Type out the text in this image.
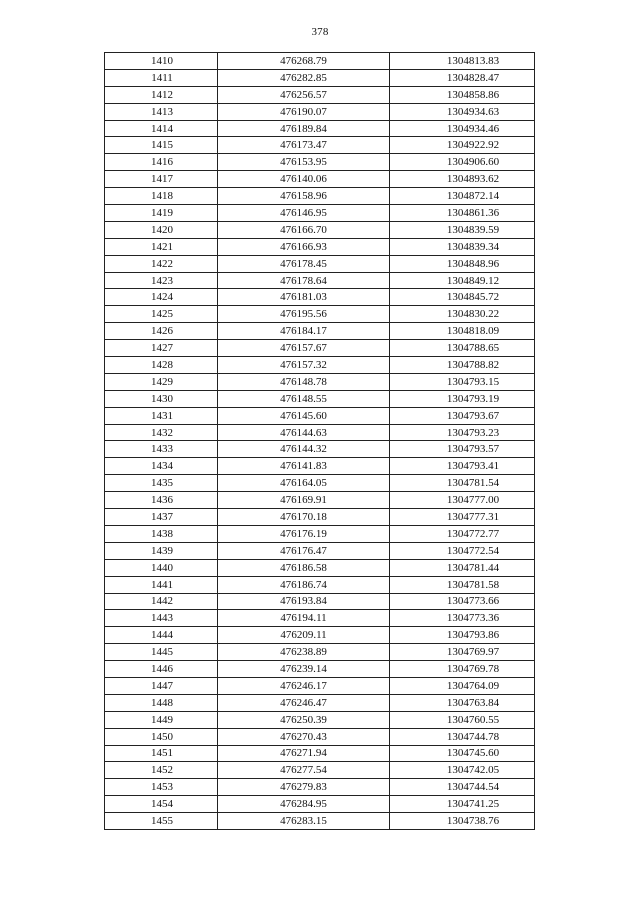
378
1410	476268.79	1304813.83
1411	476282.85	1304828.47
1412	476256.57	1304858.86
1413	476190.07	1304934.63
1414	476189.84	1304934.46
1415	476173.47	1304922.92
1416	476153.95	1304906.60
1417	476140.06	1304893.62
1418	476158.96	1304872.14
1419	476146.95	1304861.36
1420	476166.70	1304839.59
1421	476166.93	1304839.34
1422	476178.45	1304848.96
1423	476178.64	1304849.12
1424	476181.03	1304845.72
1425	476195.56	1304830.22
1426	476184.17	1304818.09
1427	476157.67	1304788.65
1428	476157.32	1304788.82
1429	476148.78	1304793.15
1430	476148.55	1304793.19
1431	476145.60	1304793.67
1432	476144.63	1304793.23
1433	476144.32	1304793.57
1434	476141.83	1304793.41
1435	476164.05	1304781.54
1436	476169.91	1304777.00
1437	476170.18	1304777.31
1438	476176.19	1304772.77
1439	476176.47	1304772.54
1440	476186.58	1304781.44
1441	476186.74	1304781.58
1442	476193.84	1304773.66
1443	476194.11	1304773.36
1444	476209.11	1304793.86
1445	476238.89	1304769.97
1446	476239.14	1304769.78
1447	476246.17	1304764.09
1448	476246.47	1304763.84
1449	476250.39	1304760.55
1450	476270.43	1304744.78
1451	476271.94	1304745.60
1452	476277.54	1304742.05
1453	476279.83	1304744.54
1454	476284.95	1304741.25
1455	476283.15	1304738.76
